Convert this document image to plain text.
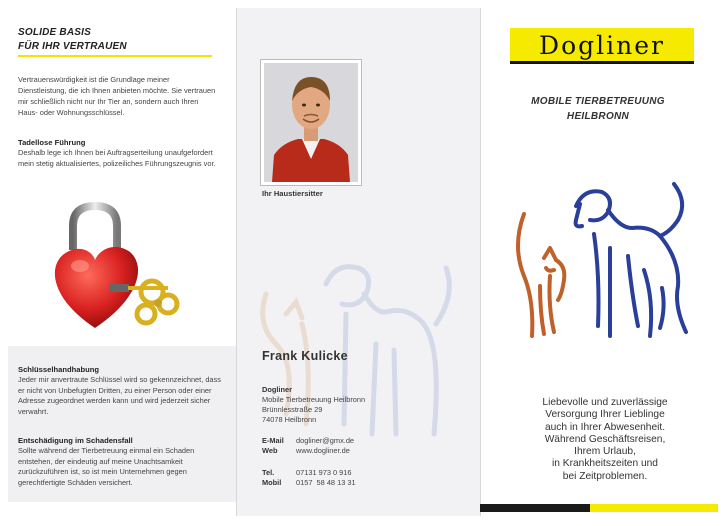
SOLIDE BASIS
FÜR IHR VERTRAUEN
Vertrauenswürdigkeit ist die Grundlage meiner Dienstleistung, die ich Ihnen anbieten möchte. Sie vertrauen mir schließlich nicht nur Ihr Tier an, sondern auch Ihren Haus- oder Wohnungsschlüssel.
Tadellose Führung
Deshalb lege ich Ihnen bei Auftragserteilung unaufgefordert mein stetig aktualisiertes, polizeiliches Führungszeugnis vor.
Schlüsselhandhabung
Jeder mir anvertraute Schlüssel wird so gekennzeichnet, dass er nicht von Unbefugten Dritten, zu einer Person oder einer Adresse zugeordnet werden kann und wird jederzeit sicher verwahrt.
Entschädigung im Schadensfall
Sollte während der Tierbetreuung einmal ein Schaden entstehen, der eindeutig auf meine Unachtsamkeit zurückzuführen ist, so ist mein Unternehmen gegen gerechtfertigte Schäden versichert.
Ihr Haustiersitter
Frank Kulicke
Dogliner
Mobile Tierbetreuung Heilbronn
Brünnlesstraße 29
74078 Heilbronn
E-Mail dogliner@gmx.de
Web	www.dogliner.de
Tel.	07131 973 0 916
Mobil 0157  58 48 13 31
Dogliner
MOBILE TIERBETREUUNG
HEILBRONN
Liebevolle und zuverlässige
Versorgung Ihrer Lieblinge
auch in Ihrer Abwesenheit.
Während Geschäftsreisen,
Ihrem Urlaub,
in Krankheitszeiten und
bei Zeitproblemen.
